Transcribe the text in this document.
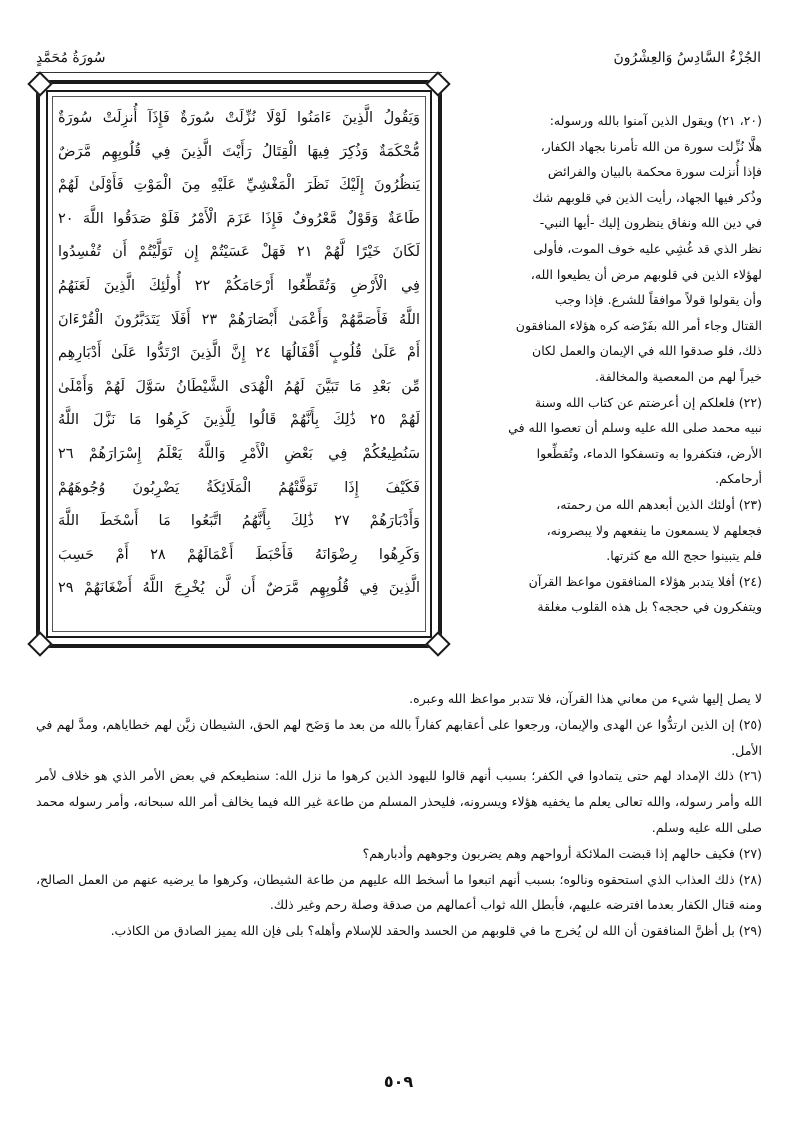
الجُزْءُ السَّادِسُ وَالعِشْرُونَ
سُورَةُ مُحَمَّدٍ
وَيَقُولُ الَّذِينَ ءَامَنُوا لَوْلَا نُزِّلَتْ سُورَةٌ فَإِذَآ أُنزِلَتْ سُورَةٌ
مُّحْكَمَةٌ وَذُكِرَ فِيهَا الْقِتَالُ رَأَيْتَ الَّذِينَ فِي قُلُوبِهِم مَّرَضٌ
يَنظُرُونَ إِلَيْكَ نَظَرَ الْمَغْشِيِّ عَلَيْهِ مِنَ الْمَوْتِ فَأَوْلَىٰ لَهُمْ
طَاعَةٌ وَقَوْلٌ مَّعْرُوفٌ فَإِذَا عَزَمَ الْأَمْرُ فَلَوْ صَدَقُوا اللَّهَ ٢٠
لَكَانَ خَيْرًا لَّهُمْ ٢١ فَهَلْ عَسَيْتُمْ إِن تَوَلَّيْتُمْ أَن تُفْسِدُوا
فِي الْأَرْضِ وَتُقَطِّعُوا أَرْحَامَكُمْ ٢٢ أُولَٰئِكَ الَّذِينَ لَعَنَهُمُ
اللَّهُ فَأَصَمَّهُمْ وَأَعْمَىٰ أَبْصَارَهُمْ ٢٣ أَفَلَا يَتَدَبَّرُونَ الْقُرْءَانَ
أَمْ عَلَىٰ قُلُوبٍ أَقْفَالُهَا ٢٤ إِنَّ الَّذِينَ ارْتَدُّوا عَلَىٰ أَدْبَارِهِم
مِّن بَعْدِ مَا تَبَيَّنَ لَهُمُ الْهُدَى الشَّيْطَانُ سَوَّلَ لَهُمْ وَأَمْلَىٰ
لَهُمْ ٢٥ ذَٰلِكَ بِأَنَّهُمْ قَالُوا لِلَّذِينَ كَرِهُوا مَا نَزَّلَ اللَّهُ
سَنُطِيعُكُمْ فِي بَعْضِ الْأَمْرِ وَاللَّهُ يَعْلَمُ إِسْرَارَهُمْ ٢٦
فَكَيْفَ إِذَا تَوَفَّتْهُمُ الْمَلَائِكَةُ يَضْرِبُونَ وُجُوهَهُمْ
وَأَدْبَارَهُمْ ٢٧ ذَٰلِكَ بِأَنَّهُمُ اتَّبَعُوا مَا أَسْخَطَ اللَّهَ
وَكَرِهُوا رِضْوَانَهُ فَأَحْبَطَ أَعْمَالَهُمْ ٢٨ أَمْ حَسِبَ
الَّذِينَ فِي قُلُوبِهِم مَّرَضٌ أَن لَّن يُخْرِجَ اللَّهُ أَضْغَانَهُمْ ٢٩
(٢٠، ٢١) ويقول الذين آمنوا بالله ورسوله:
هلَّا نُزِّلت سورة من الله تأمرنا بجهاد الكفار،
فإذا أُنزلت سورة محكمة بالبيان والفرائض
وذُكر فيها الجهاد، رأيت الذين في قلوبهم شك
في دين الله ونفاق ينظرون إليك -أيها النبي-
نظر الذي قد غُشِي عليه خوف الموت، فأولى
لهؤلاء الذين في قلوبهم مرض أن يطيعوا الله،
وأن يقولوا قولاً موافقاً للشرع. فإذا وجب
القتال وجاء أمر الله بفَرْضه كره هؤلاء المنافقون
ذلك، فلو صدقوا الله في الإيمان والعمل لكان
خيراً لهم من المعصية والمخالفة.
(٢٢) فلعلكم إن أعرضتم عن كتاب الله وسنة
نبيه محمد صلى الله عليه وسلم أن تعصوا الله في
الأرض، فتكفروا به وتسفكوا الدماء، وتُقطِّعوا
أرحامكم.
(٢٣) أولئك الذين أبعدهم الله من رحمته،
فجعلهم لا يسمعون ما ينفعهم ولا يبصرونه،
فلم يتبينوا حجج الله مع كثرتها.
(٢٤) أفلا يتدبر هؤلاء المنافقون مواعظ القرآن
ويتفكرون في حججه؟ بل هذه القلوب مغلقة
لا يصل إليها شيء من معاني هذا القرآن، فلا تتدبر مواعظ الله وعبره.
(٢٥) إن الذين ارتدُّوا عن الهدى والإيمان، ورجعوا على أعقابهم كفاراً بالله من بعد ما وَضَح لهم الحق، الشيطان زيَّن لهم خطاياهم، ومدَّ لهم في الأمل.
(٢٦) ذلك الإمداد لهم حتى يتمادوا في الكفر؛ بسبب أنهم قالوا لليهود الذين كرهوا ما نزل الله: سنطيعكم في بعض الأمر الذي هو خلاف لأمر الله وأمر رسوله، والله تعالى يعلم ما يخفيه هؤلاء ويسرونه، فليحذر المسلم من طاعة غير الله فيما يخالف أمر الله سبحانه، وأمر رسوله محمد صلى الله عليه وسلم.
(٢٧) فكيف حالهم إذا قبضت الملائكة أرواحهم وهم يضربون وجوههم وأدبارهم؟
(٢٨) ذلك العذاب الذي استحقوه ونالوه؛ بسبب أنهم اتبعوا ما أسخط الله عليهم من طاعة الشيطان، وكرهوا ما يرضيه عنهم من العمل الصالح، ومنه قتال الكفار بعدما افترضه عليهم، فأبطل الله ثواب أعمالهم من صدقة وصلة رحم وغير ذلك.
(٢٩) بل أظنَّ المنافقون أن الله لن يُخرج ما في قلوبهم من الحسد والحقد للإسلام وأهله؟ بلى فإن الله يميز الصادق من الكاذب.
٥٠٩
